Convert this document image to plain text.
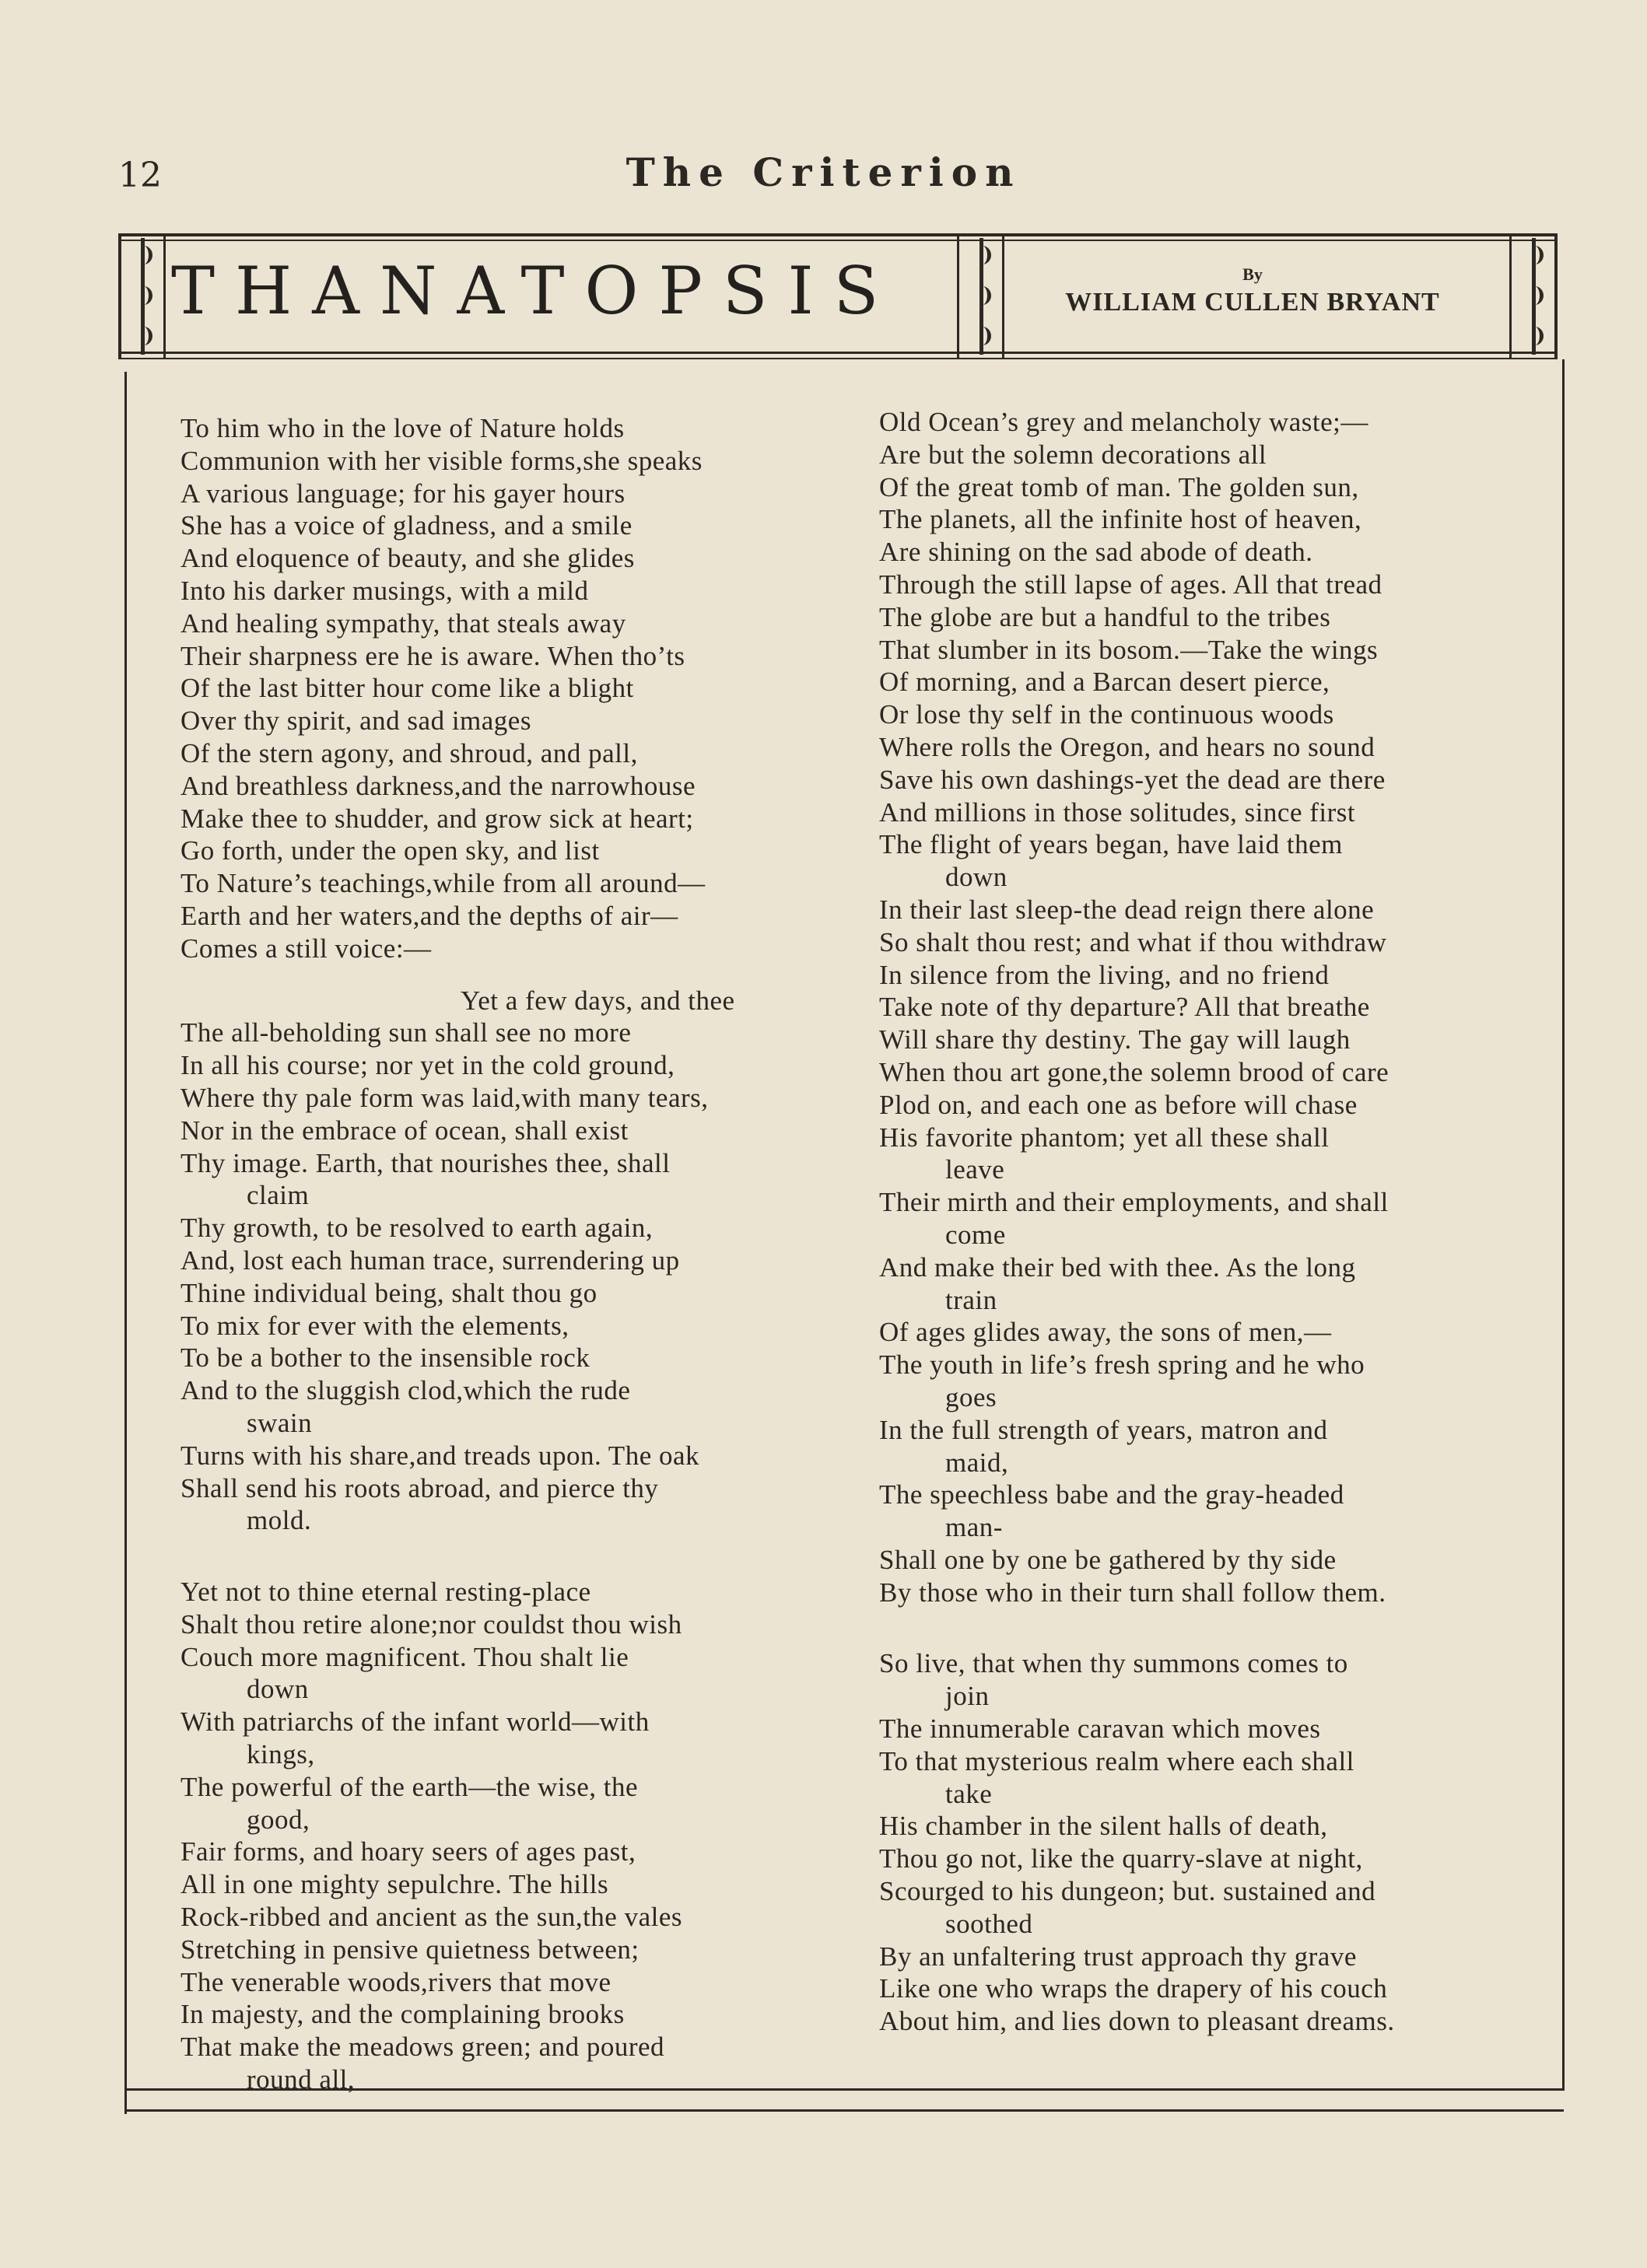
12	The Criterion
THANATOPSIS	By
WILLIAM CULLEN BRYANT
To him who in the love of Nature holds
Communion with her visible forms,she speaks
A various language; for his gayer hours
She has a voice of gladness, and a smile
And eloquence of beauty, and she glides
Into his darker musings, with a mild
And healing sympathy, that steals away
Their sharpness ere he is aware. When tho’ts
Of the last bitter hour come like a blight
Over thy spirit, and sad images
Of the stern agony, and shroud, and pall,
And breathless darkness,and the narrowhouse
Make thee to shudder, and grow sick at heart;
Go forth, under the open sky, and list
To Nature’s teachings,while from all around—
Earth and her waters,and the depths of air—
Comes a still voice:—
Yet a few days, and thee
The all-beholding sun shall see no more
In all his course; nor yet in the cold ground,
Where thy pale form was laid,with many tears,
Nor in the embrace of ocean, shall exist
Thy image. Earth, that nourishes thee, shall
claim
Thy growth, to be resolved to earth again,
And, lost each human trace, surrendering up
Thine individual being, shalt thou go
To mix for ever with the elements,
To be a bother to the insensible rock
And to the sluggish clod,which the rude
swain
Turns with his share,and treads upon. The oak
Shall send his roots abroad, and pierce thy
mold.
Yet not to thine eternal resting-place
Shalt thou retire alone;nor couldst thou wish
Couch more magnificent. Thou shalt lie
down
With patriarchs of the infant world—with
kings,
The powerful of the earth—the wise, the
good,
Fair forms, and hoary seers of ages past,
All in one mighty sepulchre. The hills
Rock-ribbed and ancient as the sun,the vales
Stretching in pensive quietness between;
The venerable woods,rivers that move
In majesty, and the complaining brooks
That make the meadows green; and poured
round all,
Old Ocean’s grey and melancholy waste;—
Are but the solemn decorations all
Of the great tomb of man. The golden sun,
The planets, all the infinite host of heaven,
Are shining on the sad abode of death.
Through the still lapse of ages. All that tread
The globe are but a handful to the tribes
That slumber in its bosom.—Take the wings
Of morning, and a Barcan desert pierce,
Or lose thy self in the continuous woods
Where rolls the Oregon, and hears no sound
Save his own dashings-yet the dead are there
And millions in those solitudes, since first
The flight of years began, have laid them
down
In their last sleep-the dead reign there alone
So shalt thou rest; and what if thou withdraw
In silence from the living, and no friend
Take note of thy departure? All that breathe
Will share thy destiny. The gay will laugh
When thou art gone,the solemn brood of care
Plod on, and each one as before will chase
His favorite phantom; yet all these shall
leave
Their mirth and their employments, and shall
come
And make their bed with thee. As the long
train
Of ages glides away, the sons of men,—
The youth in life’s fresh spring and he who
goes
In the full strength of years, matron and
maid,
The speechless babe and the gray-headed
man-
Shall one by one be gathered by thy side
By those who in their turn shall follow them.
So live, that when thy summons comes to
join
The innumerable caravan which moves
To that mysterious realm where each shall
take
His chamber in the silent halls of death,
Thou go not, like the quarry-slave at night,
Scourged to his dungeon; but. sustained and
soothed
By an unfaltering trust approach thy grave
Like one who wraps the drapery of his couch
About him, and lies down to pleasant dreams.
